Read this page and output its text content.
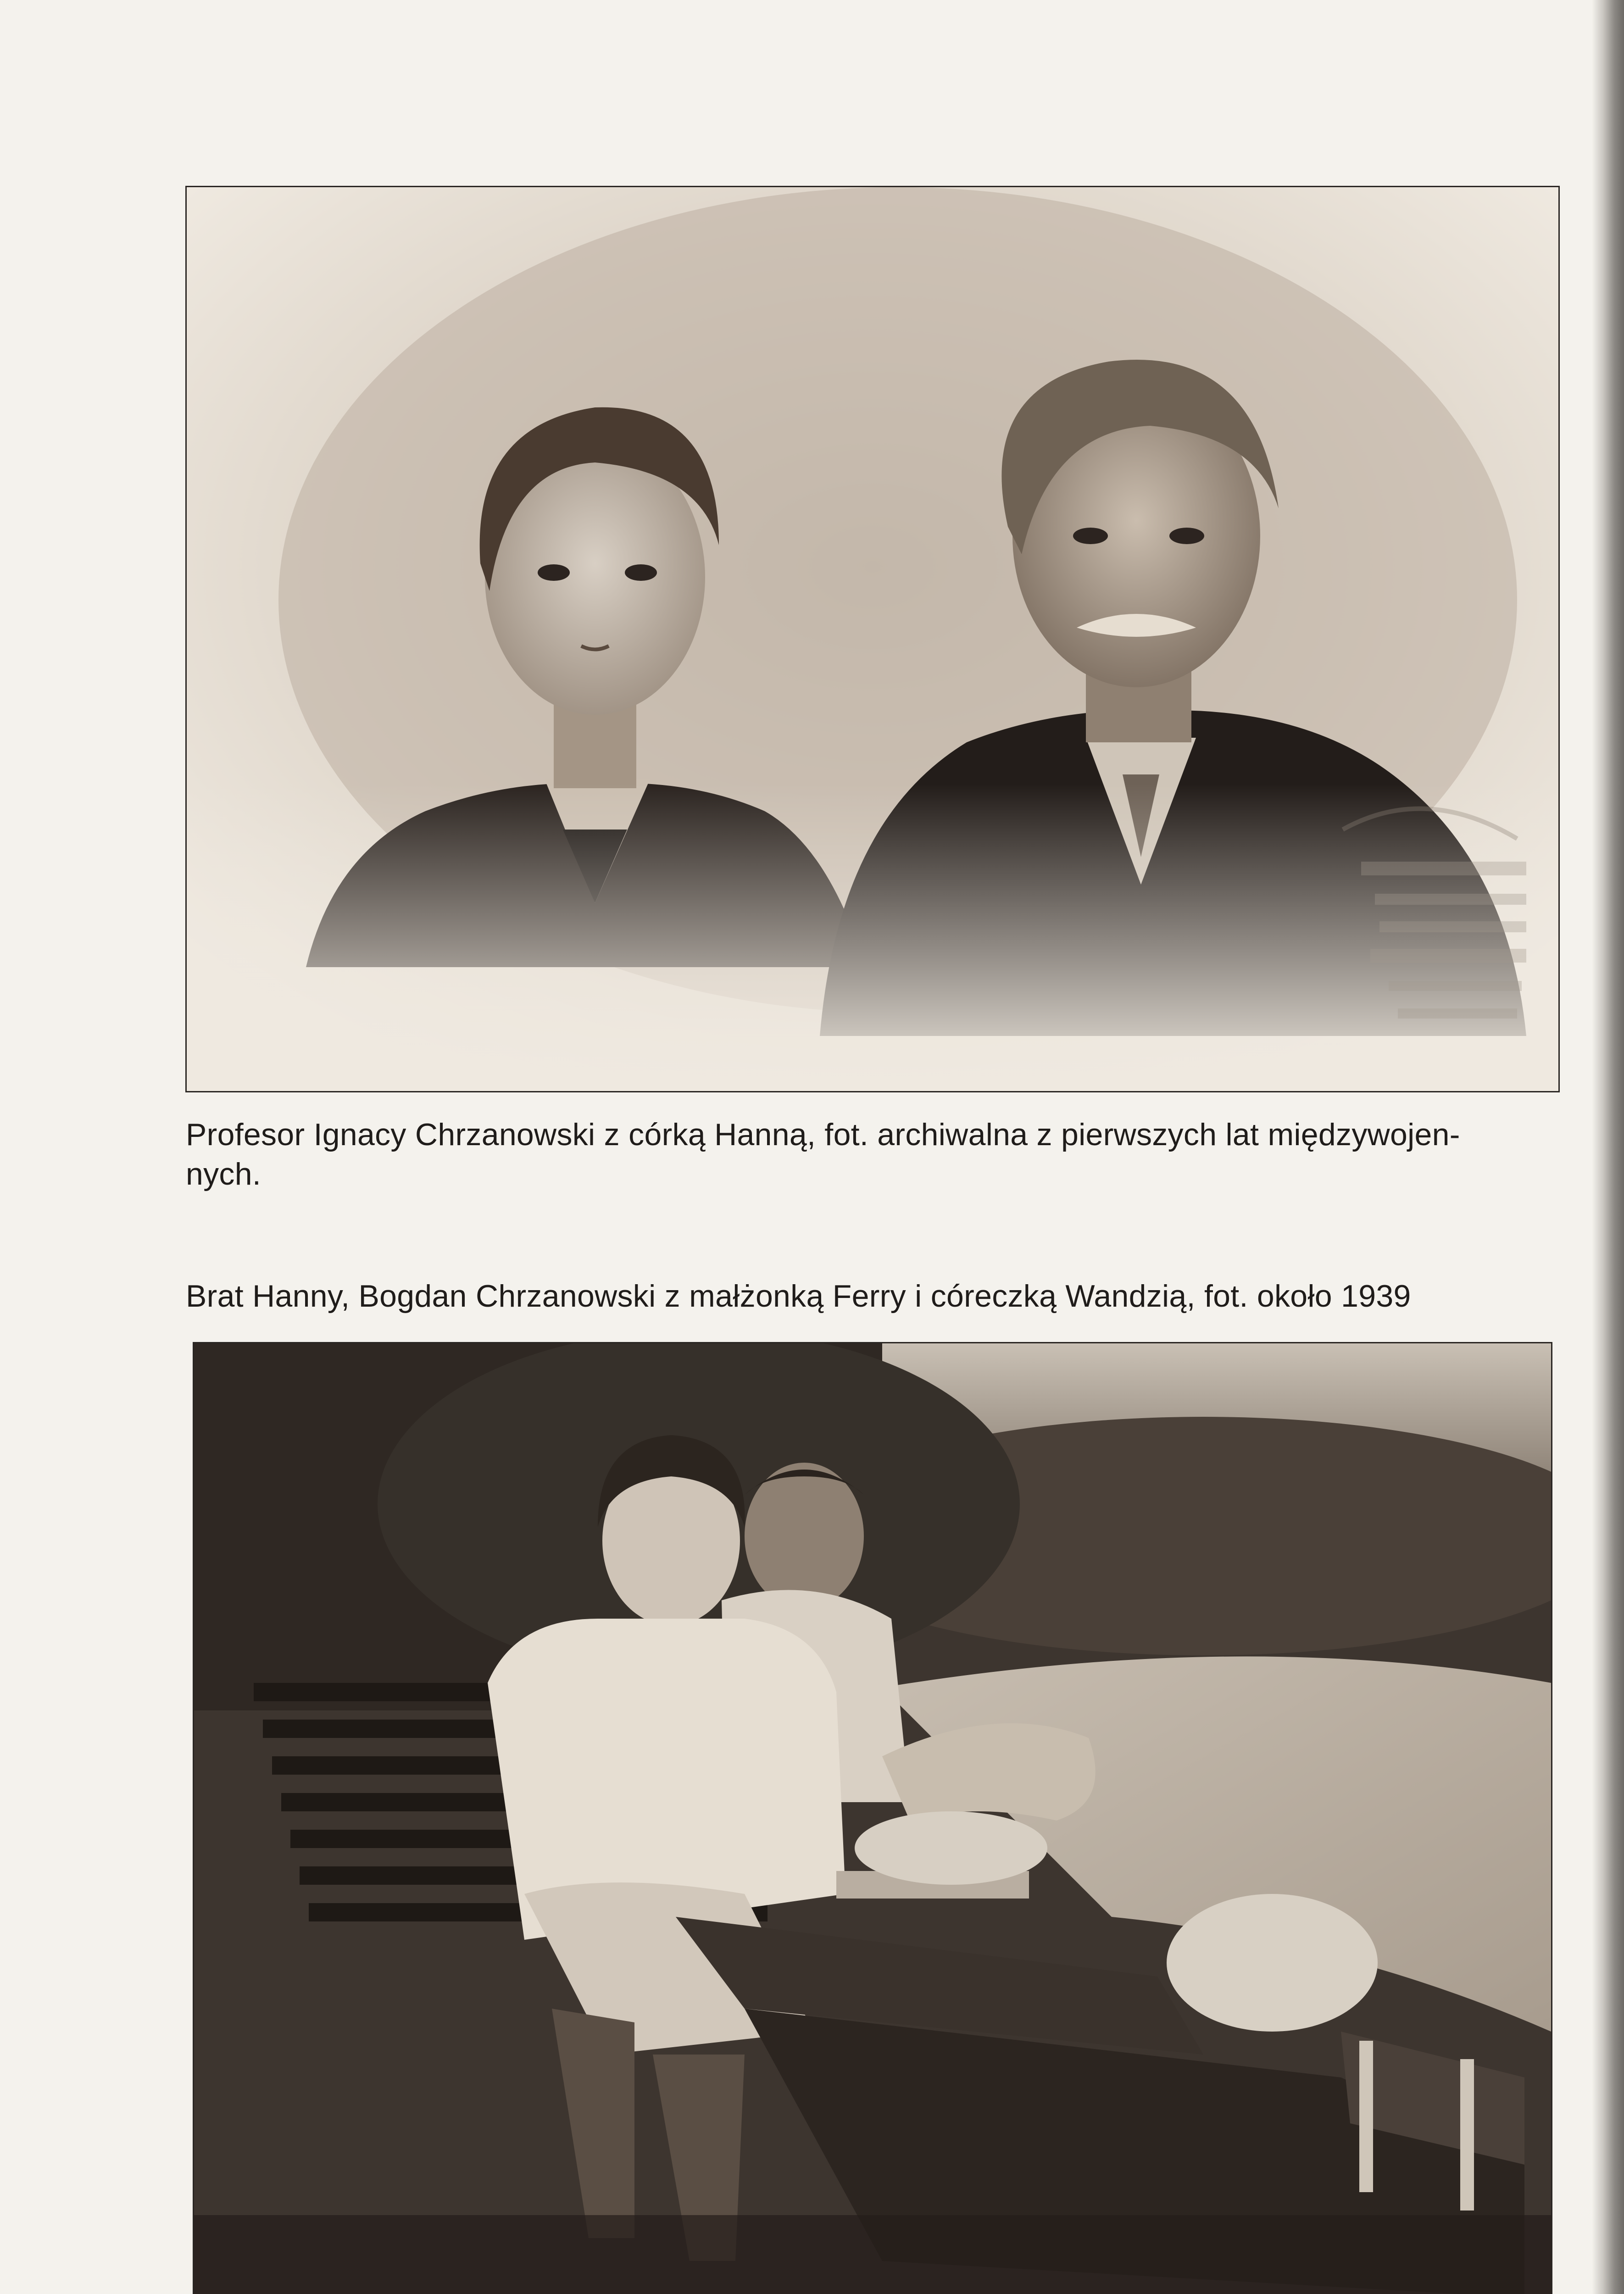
Profesor Ignacy Chrzanowski z córką Hanną, fot. archiwalna z pierwszych lat międzywojen-
nych.
Brat Hanny, Bogdan Chrzanowski z małżonką Ferry i córeczką Wandzią, fot. około 1939
